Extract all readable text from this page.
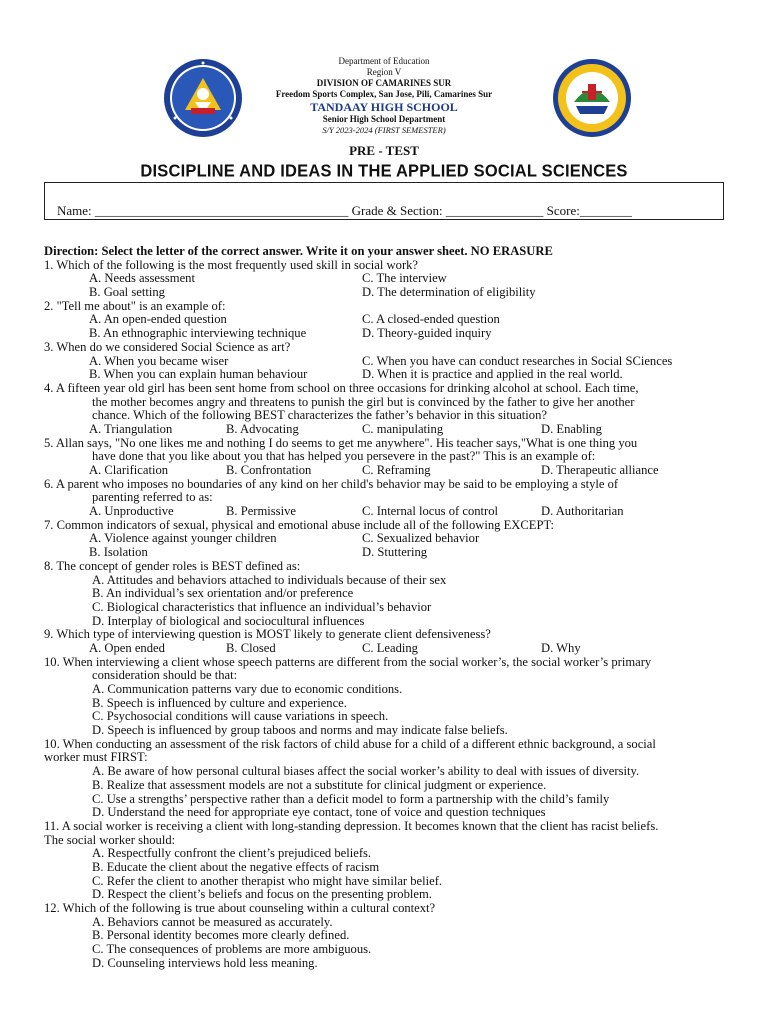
Department of Education
Region V
DIVISION OF CAMARINES SUR
Freedom Sports Complex, San Jose, Pili, Camarines Sur
TANDAAY HIGH SCHOOL
Senior High School Department
S/Y 2023-2024 (FIRST SEMESTER)
PRE - TEST
DISCIPLINE AND IDEAS IN THE APPLIED SOCIAL SCIENCES
Name: _______________________________________ Grade & Section: _______________ Score:________
Direction: Select the letter of the correct answer. Write it on your answer sheet. NO ERASURE
1. Which of the following is the most frequently used skill in social work?
A. Needs assessment	C. The interview
B. Goal setting	D. The determination of eligibility
2. "Tell me about" is an example of:
A. An open-ended question	C. A closed-ended question
B. An ethnographic interviewing technique	D. Theory-guided inquiry
3. When do we considered Social Science as art?
A. When you became wiser	C. When you have can conduct researches in Social SCiences
B. When you can explain human behaviour	D. When it is practice and applied in the real world.
4. A fifteen year old girl has been sent home from school on three occasions for drinking alcohol at school. Each time,
the mother becomes angry and threatens to punish the girl but is convinced by the father to give her another
chance. Which of the following BEST characterizes the father’s behavior in this situation?
A. Triangulation	B. Advocating	C. manipulating	D. Enabling
5. Allan says, "No one likes me and nothing I do seems to get me anywhere". His teacher says,"What is one thing you
have done that you like about you that has helped you persevere in the past?" This is an example of:
A. Clarification	B. Confrontation	C. Reframing	D. Therapeutic alliance
6. A parent who imposes no boundaries of any kind on her child's behavior may be said to be employing a style of
parenting referred to as:
A. Unproductive	B. Permissive	C. Internal locus of control	D. Authoritarian
7. Common indicators of sexual, physical and emotional abuse include all of the following EXCEPT:
A. Violence against younger children	C. Sexualized behavior
B. Isolation	D. Stuttering
8. The concept of gender roles is BEST defined as:
A. Attitudes and behaviors attached to individuals because of their sex
B. An individual’s sex orientation and/or preference
C. Biological characteristics that influence an individual’s behavior
D. Interplay of biological and sociocultural influences
9. Which type of interviewing question is MOST likely to generate client defensiveness?
A. Open ended	B. Closed	C. Leading	D. Why
10. When interviewing a client whose speech patterns are different from the social worker’s, the social worker’s primary
consideration should be that:
A. Communication patterns vary due to economic conditions.
B. Speech is influenced by culture and experience.
C. Psychosocial conditions will cause variations in speech.
D. Speech is influenced by group taboos and norms and may indicate false beliefs.
10. When conducting an assessment of the risk factors of child abuse for a child of a different ethnic background, a social
worker must FIRST:
A. Be aware of how personal cultural biases affect the social worker’s ability to deal with issues of diversity.
B. Realize that assessment models are not a substitute for clinical judgment or experience.
C. Use a strengths’ perspective rather than a deficit model to form a partnership with the child’s family
D. Understand the need for appropriate eye contact, tone of voice and question techniques
11. A social worker is receiving a client with long-standing depression. It becomes known that the client has racist beliefs.
The social worker should:
A. Respectfully confront the client’s prejudiced beliefs.
B. Educate the client about the negative effects of racism
C. Refer the client to another therapist who might have similar belief.
D. Respect the client’s beliefs and focus on the presenting problem.
12. Which of the following is true about counseling within a cultural context?
A. Behaviors cannot be measured as accurately.
B. Personal identity becomes more clearly defined.
C. The consequences of problems are more ambiguous.
D. Counseling interviews hold less meaning.
